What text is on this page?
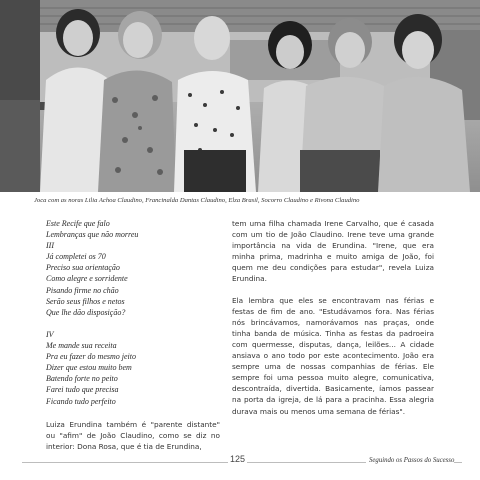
Joca com as noras Lilia Achoa Claudino, Francinalda Dantas Claudino, Elza Brasil, Socorro Claudino e Rivona Claudino
Este Recife que falo
Lembranças que não morreu
III
Já completei os 70
Preciso sua orientação
Como alegre e sorridente
Pisando firme no chão
Serão seus filhos e netos
Que lhe dão disposição?
IV
Me mande sua receita
Pra eu fazer do mesmo jeito
Dizer que estou muito bem
Batendo forte no peito
Farei tudo que precisa
Ficando tudo perfeito

Luiza Erundina também é "parente distante" ou "afim" de João Claudino, como se diz no interior: Dona Rosa, que é tia de Erundina,

tem uma filha chamada Irene Carvalho, que é casada com um tio de João Claudino. Irene teve uma grande importância na vida de Erundina. "Irene, que era minha prima, madrinha e muito amiga de João, foi quem me deu condições para estudar", revela Luiza Erundina.

Ela lembra que eles se encontravam nas férias e festas de fim de ano. "Estudávamos fora. Nas férias nós brincávamos, namorávamos nas praças, onde tinha banda de música. Tinha as festas da padroeira com quermesse, disputas, dança, leilões... A cidade ansiava o ano todo por este acontecimento. João era sempre uma de nossas companhias de férias. Ele sempre foi uma pessoa muito alegre, comunicativa, descontraída, divertida. Basicamente, íamos passear na porta da igreja, de lá para a pracinha. Essa alegria durava mais ou menos uma semana de férias".

125	Seguindo os Passos do Sucesso
